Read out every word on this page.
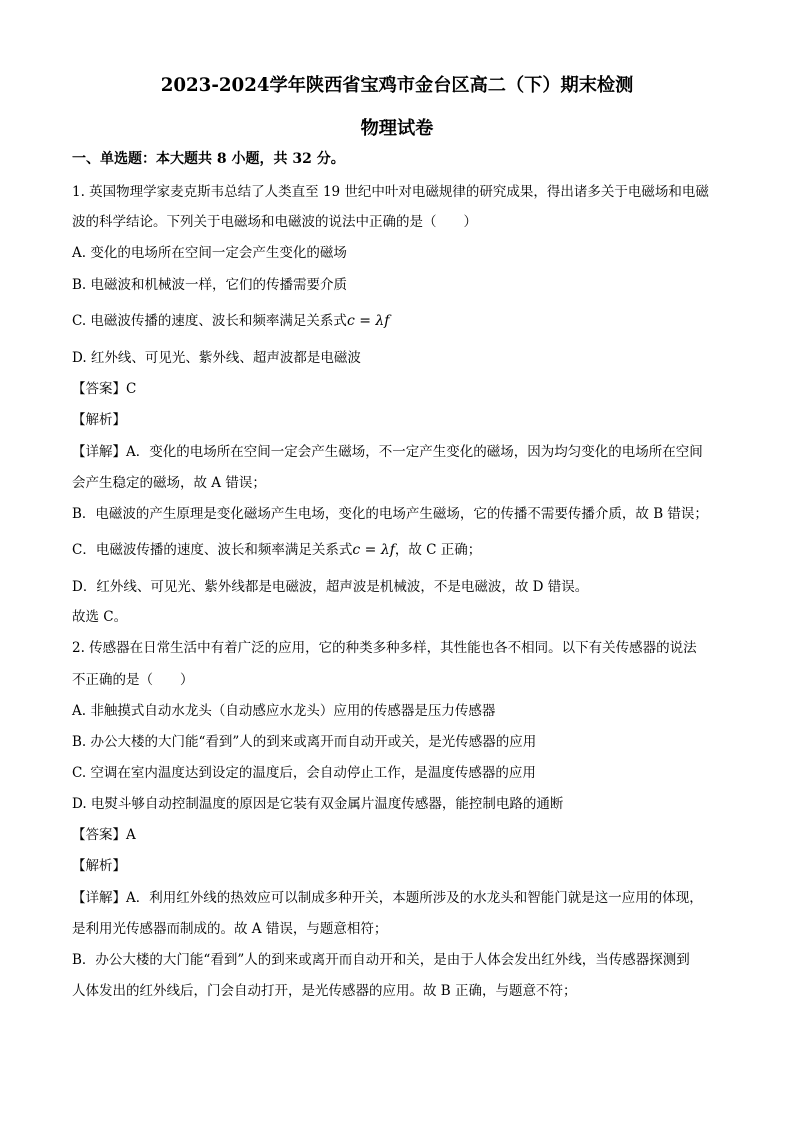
2023-2024学年陕西省宝鸡市金台区高二（下）期末检测
物理试卷
一、单选题：本大题共 8 小题，共 32 分。
1. 英国物理学家麦克斯韦总结了人类直至 19 世纪中叶对电磁规律的研究成果，得出诸多关于电磁场和电磁
波的科学结论。下列关于电磁场和电磁波的说法中正确的是（　　）
A. 变化的电场所在空间一定会产生变化的磁场
B. 电磁波和机械波一样，它们的传播需要介质
C. 电磁波传播的速度、波长和频率满足关系式c = λf
D. 红外线、可见光、紫外线、超声波都是电磁波
【答案】C
【解析】
【详解】A．变化的电场所在空间一定会产生磁场，不一定产生变化的磁场，因为均匀变化的电场所在空间
会产生稳定的磁场，故 A 错误；
B．电磁波的产生原理是变化磁场产生电场，变化的电场产生磁场，它的传播不需要传播介质，故 B 错误；
C．电磁波传播的速度、波长和频率满足关系式c = λf，故 C 正确；
D．红外线、可见光、紫外线都是电磁波，超声波是机械波，不是电磁波，故 D 错误。
故选 C。
2. 传感器在日常生活中有着广泛的应用，它的种类多种多样，其性能也各不相同。以下有关传感器的说法
不正确的是（　　）
A. 非触摸式自动水龙头（自动感应水龙头）应用的传感器是压力传感器
B. 办公大楼的大门能“看到”人的到来或离开而自动开或关，是光传感器的应用
C. 空调在室内温度达到设定的温度后，会自动停止工作，是温度传感器的应用
D. 电熨斗够自动控制温度的原因是它装有双金属片温度传感器，能控制电路的通断
【答案】A
【解析】
【详解】A．利用红外线的热效应可以制成多种开关，本题所涉及的水龙头和智能门就是这一应用的体现，
是利用光传感器而制成的。故 A 错误，与题意相符；
B．办公大楼的大门能“看到”人的到来或离开而自动开和关，是由于人体会发出红外线，当传感器探测到
人体发出的红外线后，门会自动打开，是光传感器的应用。故 B 正确，与题意不符；
